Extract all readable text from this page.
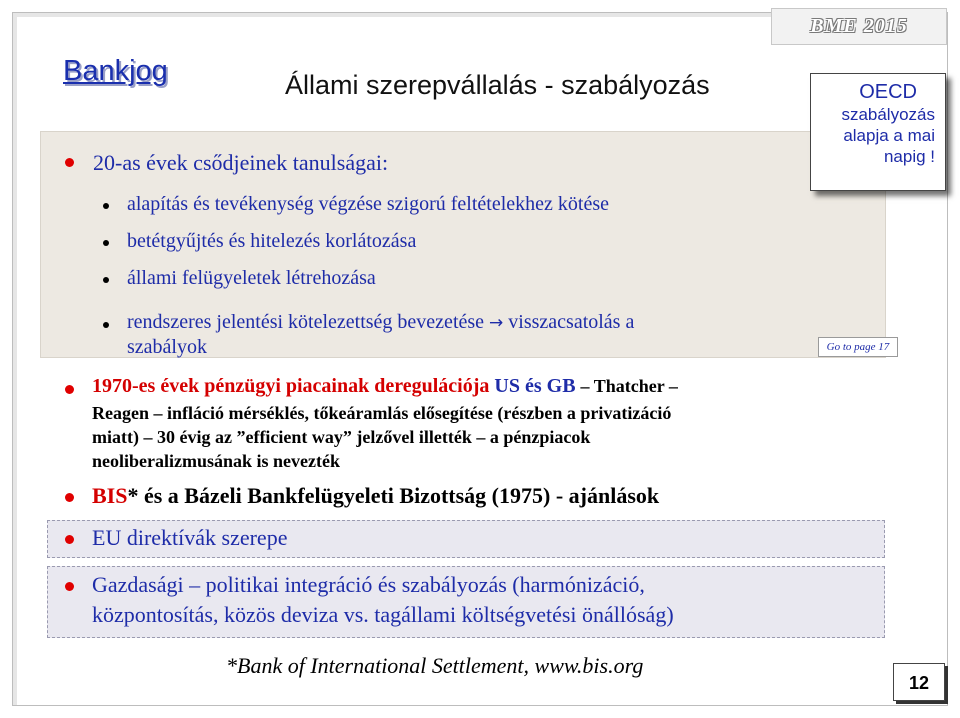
BME 2015
Bankjog	Állami szerepvállalás - szabályozás
20-as évek csődjeinek tanulságai:
alapítás és tevékenység végzése szigorú feltételekhez kötése
betétgyűjtés és hitelezés korlátozása
állami felügyeletek létrehozása
rendszeres jelentési kötelezettség bevezetése → visszacsatolás a
szabályok
OECD
szabályozás
alapja a mai
napig !
Go to page 17
1970-es évek pénzügyi piacainak deregulációja US és GB – Thatcher –
Reagen – infláció mérséklés, tőkeáramlás elősegítése (részben a privatizáció
miatt) – 30 évig az ”efficient way” jelzővel illették – a pénzpiacok
neoliberalizmusának is nevezték
BIS* és a Bázeli Bankfelügyeleti Bizottság (1975) - ajánlások
EU direktívák szerepe
Gazdasági – politikai integráció és szabályozás (harmónizáció,
központosítás, közös deviza vs. tagállami költségvetési önállóság)
*Bank of International Settlement, www.bis.org
12
